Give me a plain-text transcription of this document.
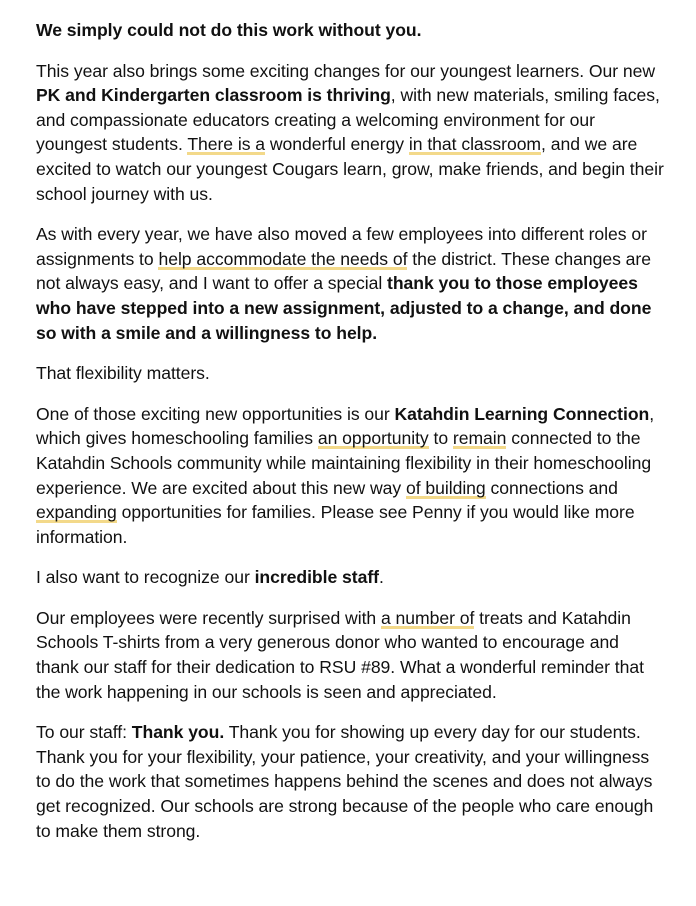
We simply could not do this work without you.

This year also brings some exciting changes for our youngest learners. Our new PK and Kindergarten classroom is thriving, with new materials, smiling faces, and compassionate educators creating a welcoming environment for our youngest students. There is a wonderful energy in that classroom, and we are excited to watch our youngest Cougars learn, grow, make friends, and begin their school journey with us.

As with every year, we have also moved a few employees into different roles or assignments to help accommodate the needs of the district. These changes are not always easy, and I want to offer a special thank you to those employees who have stepped into a new assignment, adjusted to a change, and done so with a smile and a willingness to help.

That flexibility matters.

One of those exciting new opportunities is our Katahdin Learning Connection, which gives homeschooling families an opportunity to remain connected to the Katahdin Schools community while maintaining flexibility in their homeschooling experience. We are excited about this new way of building connections and expanding opportunities for families. Please see Penny if you would like more information.

I also want to recognize our incredible staff.

Our employees were recently surprised with a number of treats and Katahdin Schools T-shirts from a very generous donor who wanted to encourage and thank our staff for their dedication to RSU #89. What a wonderful reminder that the work happening in our schools is seen and appreciated.

To our staff: Thank you. Thank you for showing up every day for our students. Thank you for your flexibility, your patience, your creativity, and your willingness to do the work that sometimes happens behind the scenes and does not always get recognized. Our schools are strong because of the people who care enough to make them strong.
